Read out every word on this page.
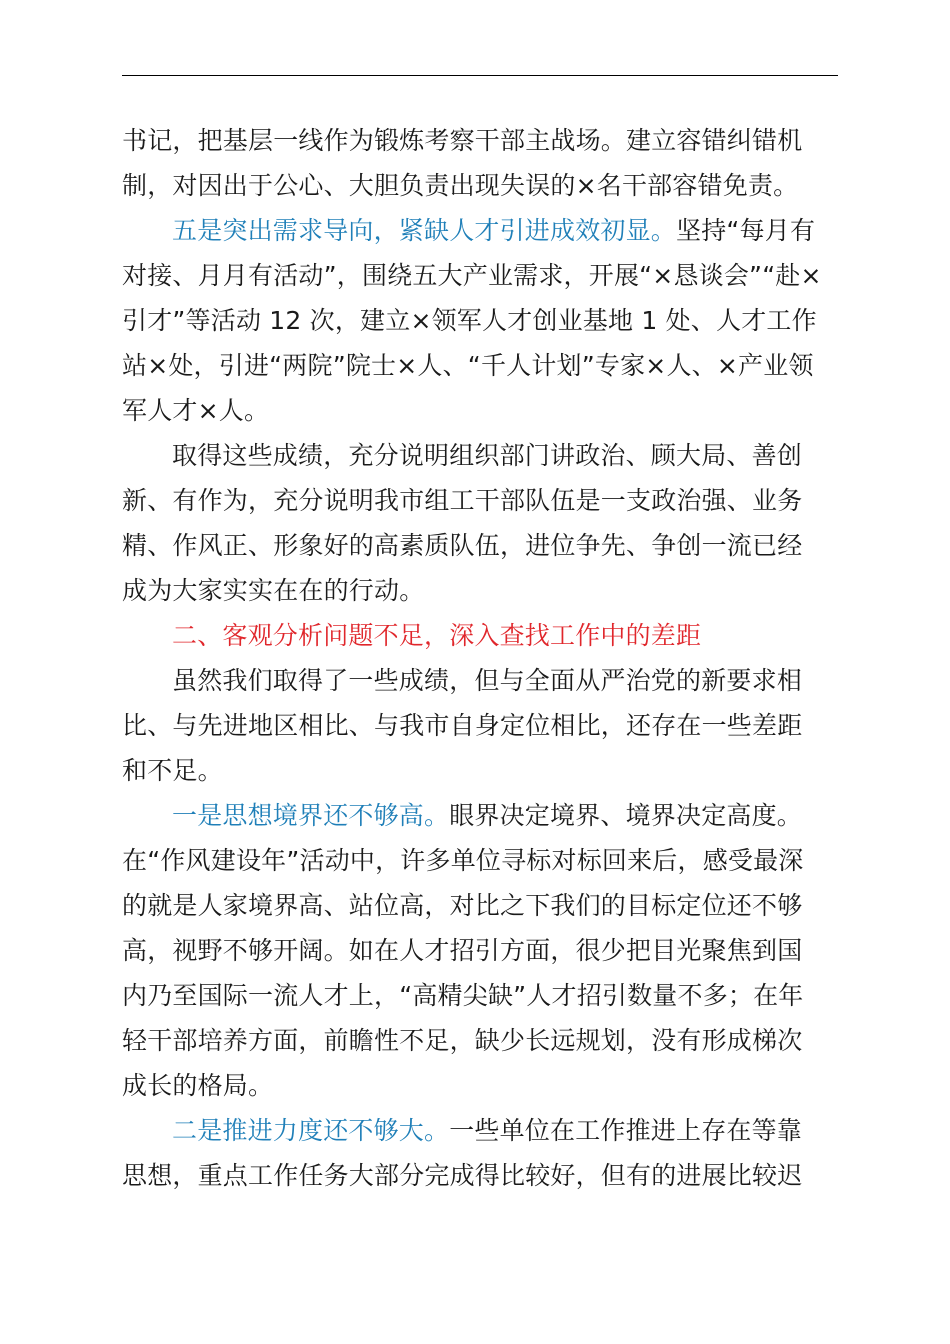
书记，把基层一线作为锻炼考察干部主战场。建立容错纠错机
制，对因出于公心、大胆负责出现失误的×名干部容错免责。
五是突出需求导向，紧缺人才引进成效初显。坚持“每月有
对接、月月有活动”，围绕五大产业需求，开展“×恳谈会”“赴×
引才”等活动 12 次，建立×领军人才创业基地 1 处、人才工作
站×处，引进“两院”院士×人、“千人计划”专家×人、×产业领
军人才×人。
取得这些成绩，充分说明组织部门讲政治、顾大局、善创
新、有作为，充分说明我市组工干部队伍是一支政治强、业务
精、作风正、形象好的高素质队伍，进位争先、争创一流已经
成为大家实实在在的行动。
二、客观分析问题不足，深入查找工作中的差距
虽然我们取得了一些成绩，但与全面从严治党的新要求相
比、与先进地区相比、与我市自身定位相比，还存在一些差距
和不足。
一是思想境界还不够高。眼界决定境界、境界决定高度。
在“作风建设年”活动中，许多单位寻标对标回来后，感受最深
的就是人家境界高、站位高，对比之下我们的目标定位还不够
高，视野不够开阔。如在人才招引方面，很少把目光聚焦到国
内乃至国际一流人才上，“高精尖缺”人才招引数量不多；在年
轻干部培养方面，前瞻性不足，缺少长远规划，没有形成梯次
成长的格局。
二是推进力度还不够大。一些单位在工作推进上存在等靠
思想，重点工作任务大部分完成得比较好，但有的进展比较迟
